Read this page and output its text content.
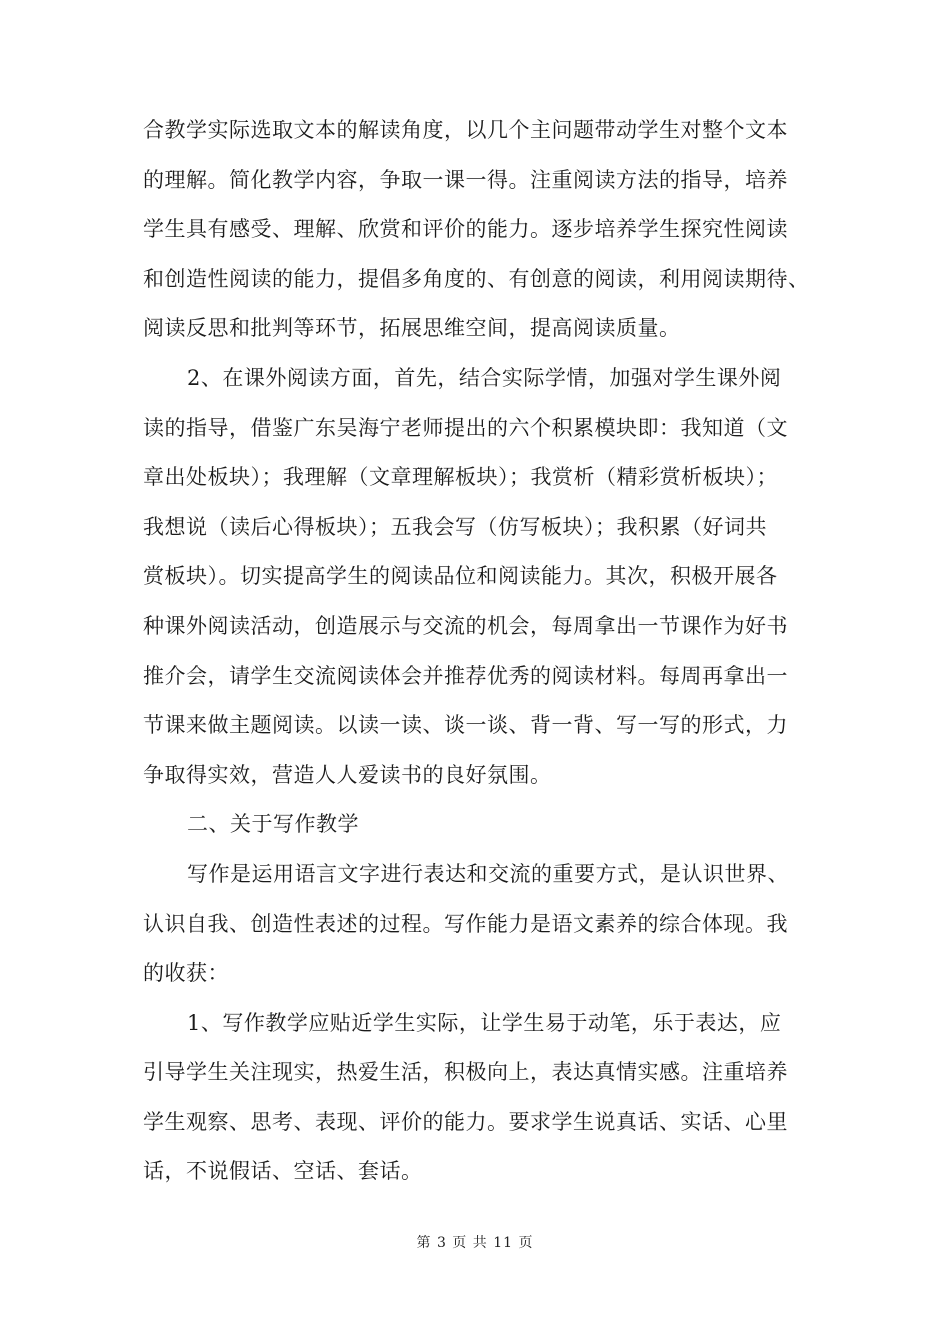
合教学实际选取文本的解读角度，以几个主问题带动学生对整个文本
的理解。简化教学内容，争取一课一得。注重阅读方法的指导，培养
学生具有感受、理解、欣赏和评价的能力。逐步培养学生探究性阅读
和创造性阅读的能力，提倡多角度的、有创意的阅读，利用阅读期待、
阅读反思和批判等环节，拓展思维空间，提高阅读质量。
2、在课外阅读方面，首先，结合实际学情，加强对学生课外阅
读的指导，借鉴广东吴海宁老师提出的六个积累模块即：我知道（文
章出处板块）；我理解（文章理解板块）；我赏析（精彩赏析板块）；
我想说（读后心得板块）；五我会写（仿写板块）；我积累（好词共
赏板块）。切实提高学生的阅读品位和阅读能力。其次，积极开展各
种课外阅读活动，创造展示与交流的机会，每周拿出一节课作为好书
推介会，请学生交流阅读体会并推荐优秀的阅读材料。每周再拿出一
节课来做主题阅读。以读一读、谈一谈、背一背、写一写的形式，力
争取得实效，营造人人爱读书的良好氛围。
二、关于写作教学
写作是运用语言文字进行表达和交流的重要方式，是认识世界、
认识自我、创造性表述的过程。写作能力是语文素养的综合体现。我
的收获：
1、写作教学应贴近学生实际，让学生易于动笔，乐于表达，应
引导学生关注现实，热爱生活，积极向上，表达真情实感。注重培养
学生观察、思考、表现、评价的能力。要求学生说真话、实话、心里
话，不说假话、空话、套话。
第 3 页 共 11 页
